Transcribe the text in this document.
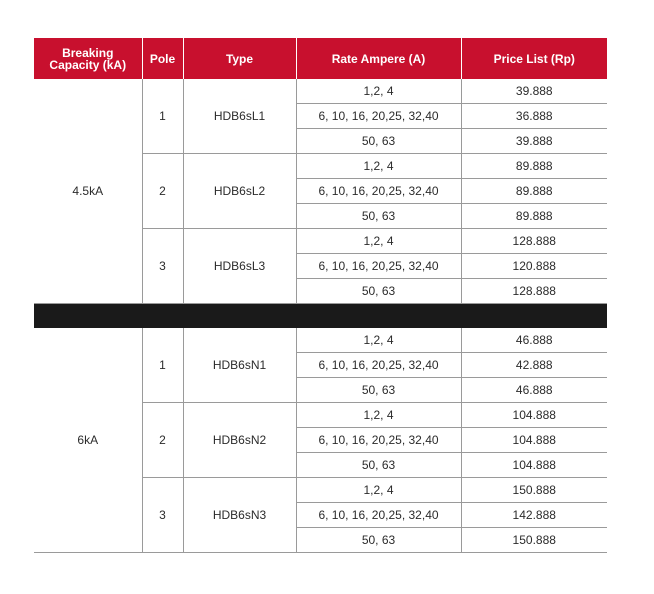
Breaking Capacity (kA)	Pole	Type	Rate Ampere (A)	Price List (Rp)
4.5kA	1	HDB6sL1	1,2, 4	39.888
			6, 10, 16, 20,25, 32,40	36.888
			50, 63	39.888
	2	HDB6sL2	1,2, 4	89.888
			6, 10, 16, 20,25, 32,40	89.888
			50, 63	89.888
	3	HDB6sL3	1,2, 4	128.888
			6, 10, 16, 20,25, 32,40	120.888
			50, 63	128.888

6kA	1	HDB6sN1	1,2, 4	46.888
			6, 10, 16, 20,25, 32,40	42.888
			50, 63	46.888
	2	HDB6sN2	1,2, 4	104.888
			6, 10, 16, 20,25, 32,40	104.888
			50, 63	104.888
	3	HDB6sN3	1,2, 4	150.888
			6, 10, 16, 20,25, 32,40	142.888
			50, 63	150.888
